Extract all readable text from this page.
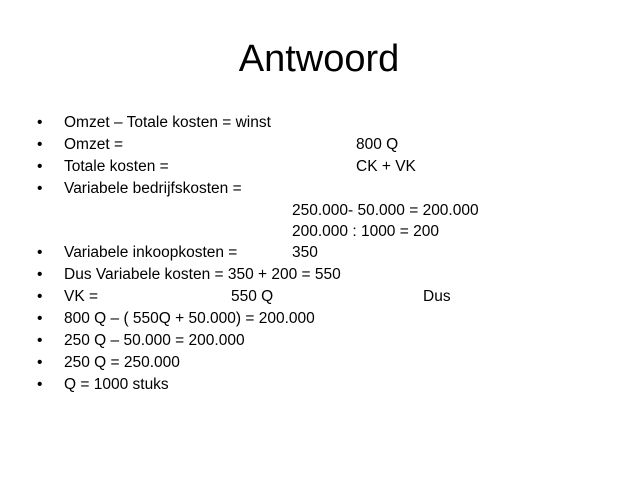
Antwoord
• Omzet – Totale kosten = winst
• Omzet =	800 Q
• Totale kosten =	CK + VK
• Variabele bedrijfskosten =
250.000- 50.000 = 200.000
200.000 : 1000 = 200
• Variabele inkoopkosten =	350
• Dus Variabele kosten = 350 + 200 = 550
• VK =	550 Q	Dus
• 800 Q – ( 550Q + 50.000) = 200.000
• 250 Q – 50.000 = 200.000
• 250 Q = 250.000
• Q = 1000 stuks
